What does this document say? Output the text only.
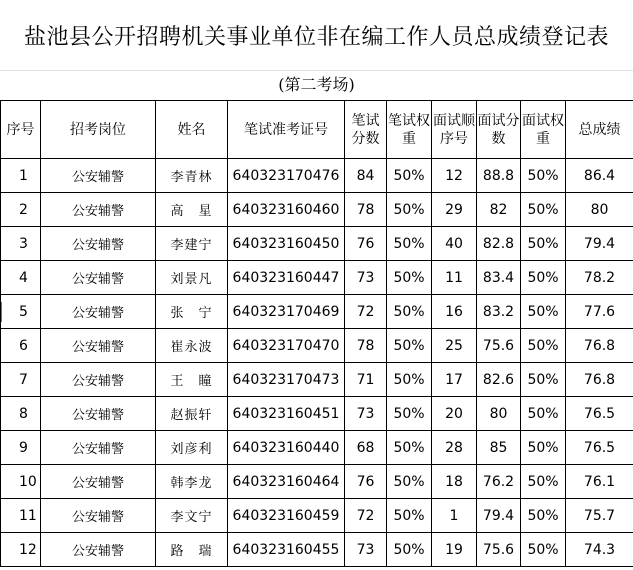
盐池县公开招聘机关事业单位非在编工作人员总成绩登记表
(第二考场)
序号	招考岗位	姓名	笔试准考证号	笔试分数	笔试权重	面试顺序号	面试分数	面试权重	总成绩
1	公安辅警	李青林	640323170476	84	50%	12	88.8	50%	86.4
2	公安辅警	高　星	640323160460	78	50%	29	82	50%	80
3	公安辅警	李建宁	640323160450	76	50%	40	82.8	50%	79.4
4	公安辅警	刘景凡	640323160447	73	50%	11	83.4	50%	78.2
5	公安辅警	张　宁	640323170469	72	50%	16	83.2	50%	77.6
6	公安辅警	崔永波	640323170470	78	50%	25	75.6	50%	76.8
7	公安辅警	王　瞳	640323170473	71	50%	17	82.6	50%	76.8
8	公安辅警	赵振轩	640323160451	73	50%	20	80	50%	76.5
9	公安辅警	刘彦利	640323160440	68	50%	28	85	50%	76.5
10	公安辅警	韩李龙	640323160464	76	50%	18	76.2	50%	76.1
11	公安辅警	李文宁	640323160459	72	50%	1	79.4	50%	75.7
12	公安辅警	路　瑞	640323160455	73	50%	19	75.6	50%	74.3
